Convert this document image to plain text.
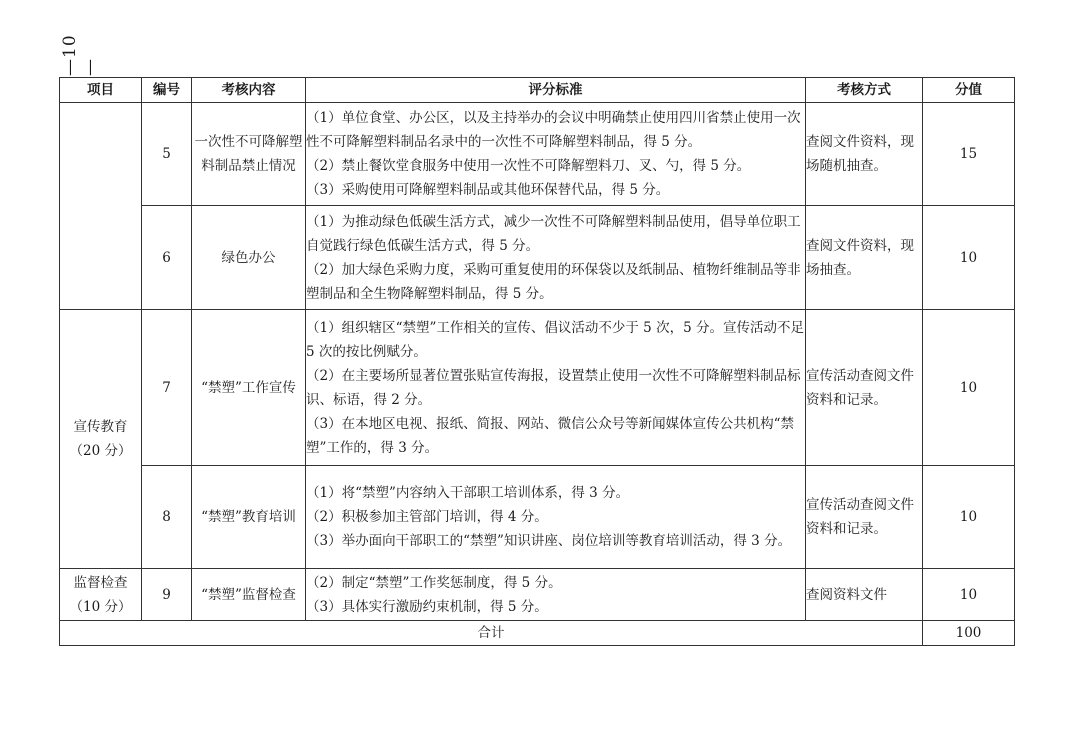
—10—
项目	编号	考核内容	评分标准	考核方式	分值
	5	一次性不可降解塑料制品禁止情况	（1）单位食堂、办公区，以及主持举办的会议中明确禁止使用四川省禁止使用一次性不可降解塑料制品名录中的一次性不可降解塑料制品，得 5 分。
（2）禁止餐饮堂食服务中使用一次性不可降解塑料刀、叉、勺，得 5 分。
（3）采购使用可降解塑料制品或其他环保替代品，得 5 分。	查阅文件资料，现场随机抽查。	15
	6	绿色办公	（1）为推动绿色低碳生活方式，减少一次性不可降解塑料制品使用，倡导单位职工自觉践行绿色低碳生活方式，得 5 分。
（2）加大绿色采购力度，采购可重复使用的环保袋以及纸制品、植物纤维制品等非塑制品和全生物降解塑料制品，得 5 分。	查阅文件资料，现场抽查。	10
宣传教育（20 分）	7	“禁塑”工作宣传	（1）组织辖区“禁塑”工作相关的宣传、倡议活动不少于 5 次，5 分。宣传活动不足 5 次的按比例赋分。
（2）在主要场所显著位置张贴宣传海报，设置禁止使用一次性不可降解塑料制品标识、标语，得 2 分。
（3）在本地区电视、报纸、简报、网站、微信公众号等新闻媒体宣传公共机构“禁塑”工作的，得 3 分。	宣传活动查阅文件资料和记录。	10
	8	“禁塑”教育培训	（1）将“禁塑”内容纳入干部职工培训体系，得 3 分。
（2）积极参加主管部门培训，得 4 分。
（3）举办面向干部职工的“禁塑”知识讲座、岗位培训等教育培训活动，得 3 分。	宣传活动查阅文件资料和记录。	10
监督检查（10 分）	9	“禁塑”监督检查	（2）制定“禁塑”工作奖惩制度，得 5 分。
（3）具体实行激励约束机制，得 5 分。	查阅资料文件	10
合计					100
